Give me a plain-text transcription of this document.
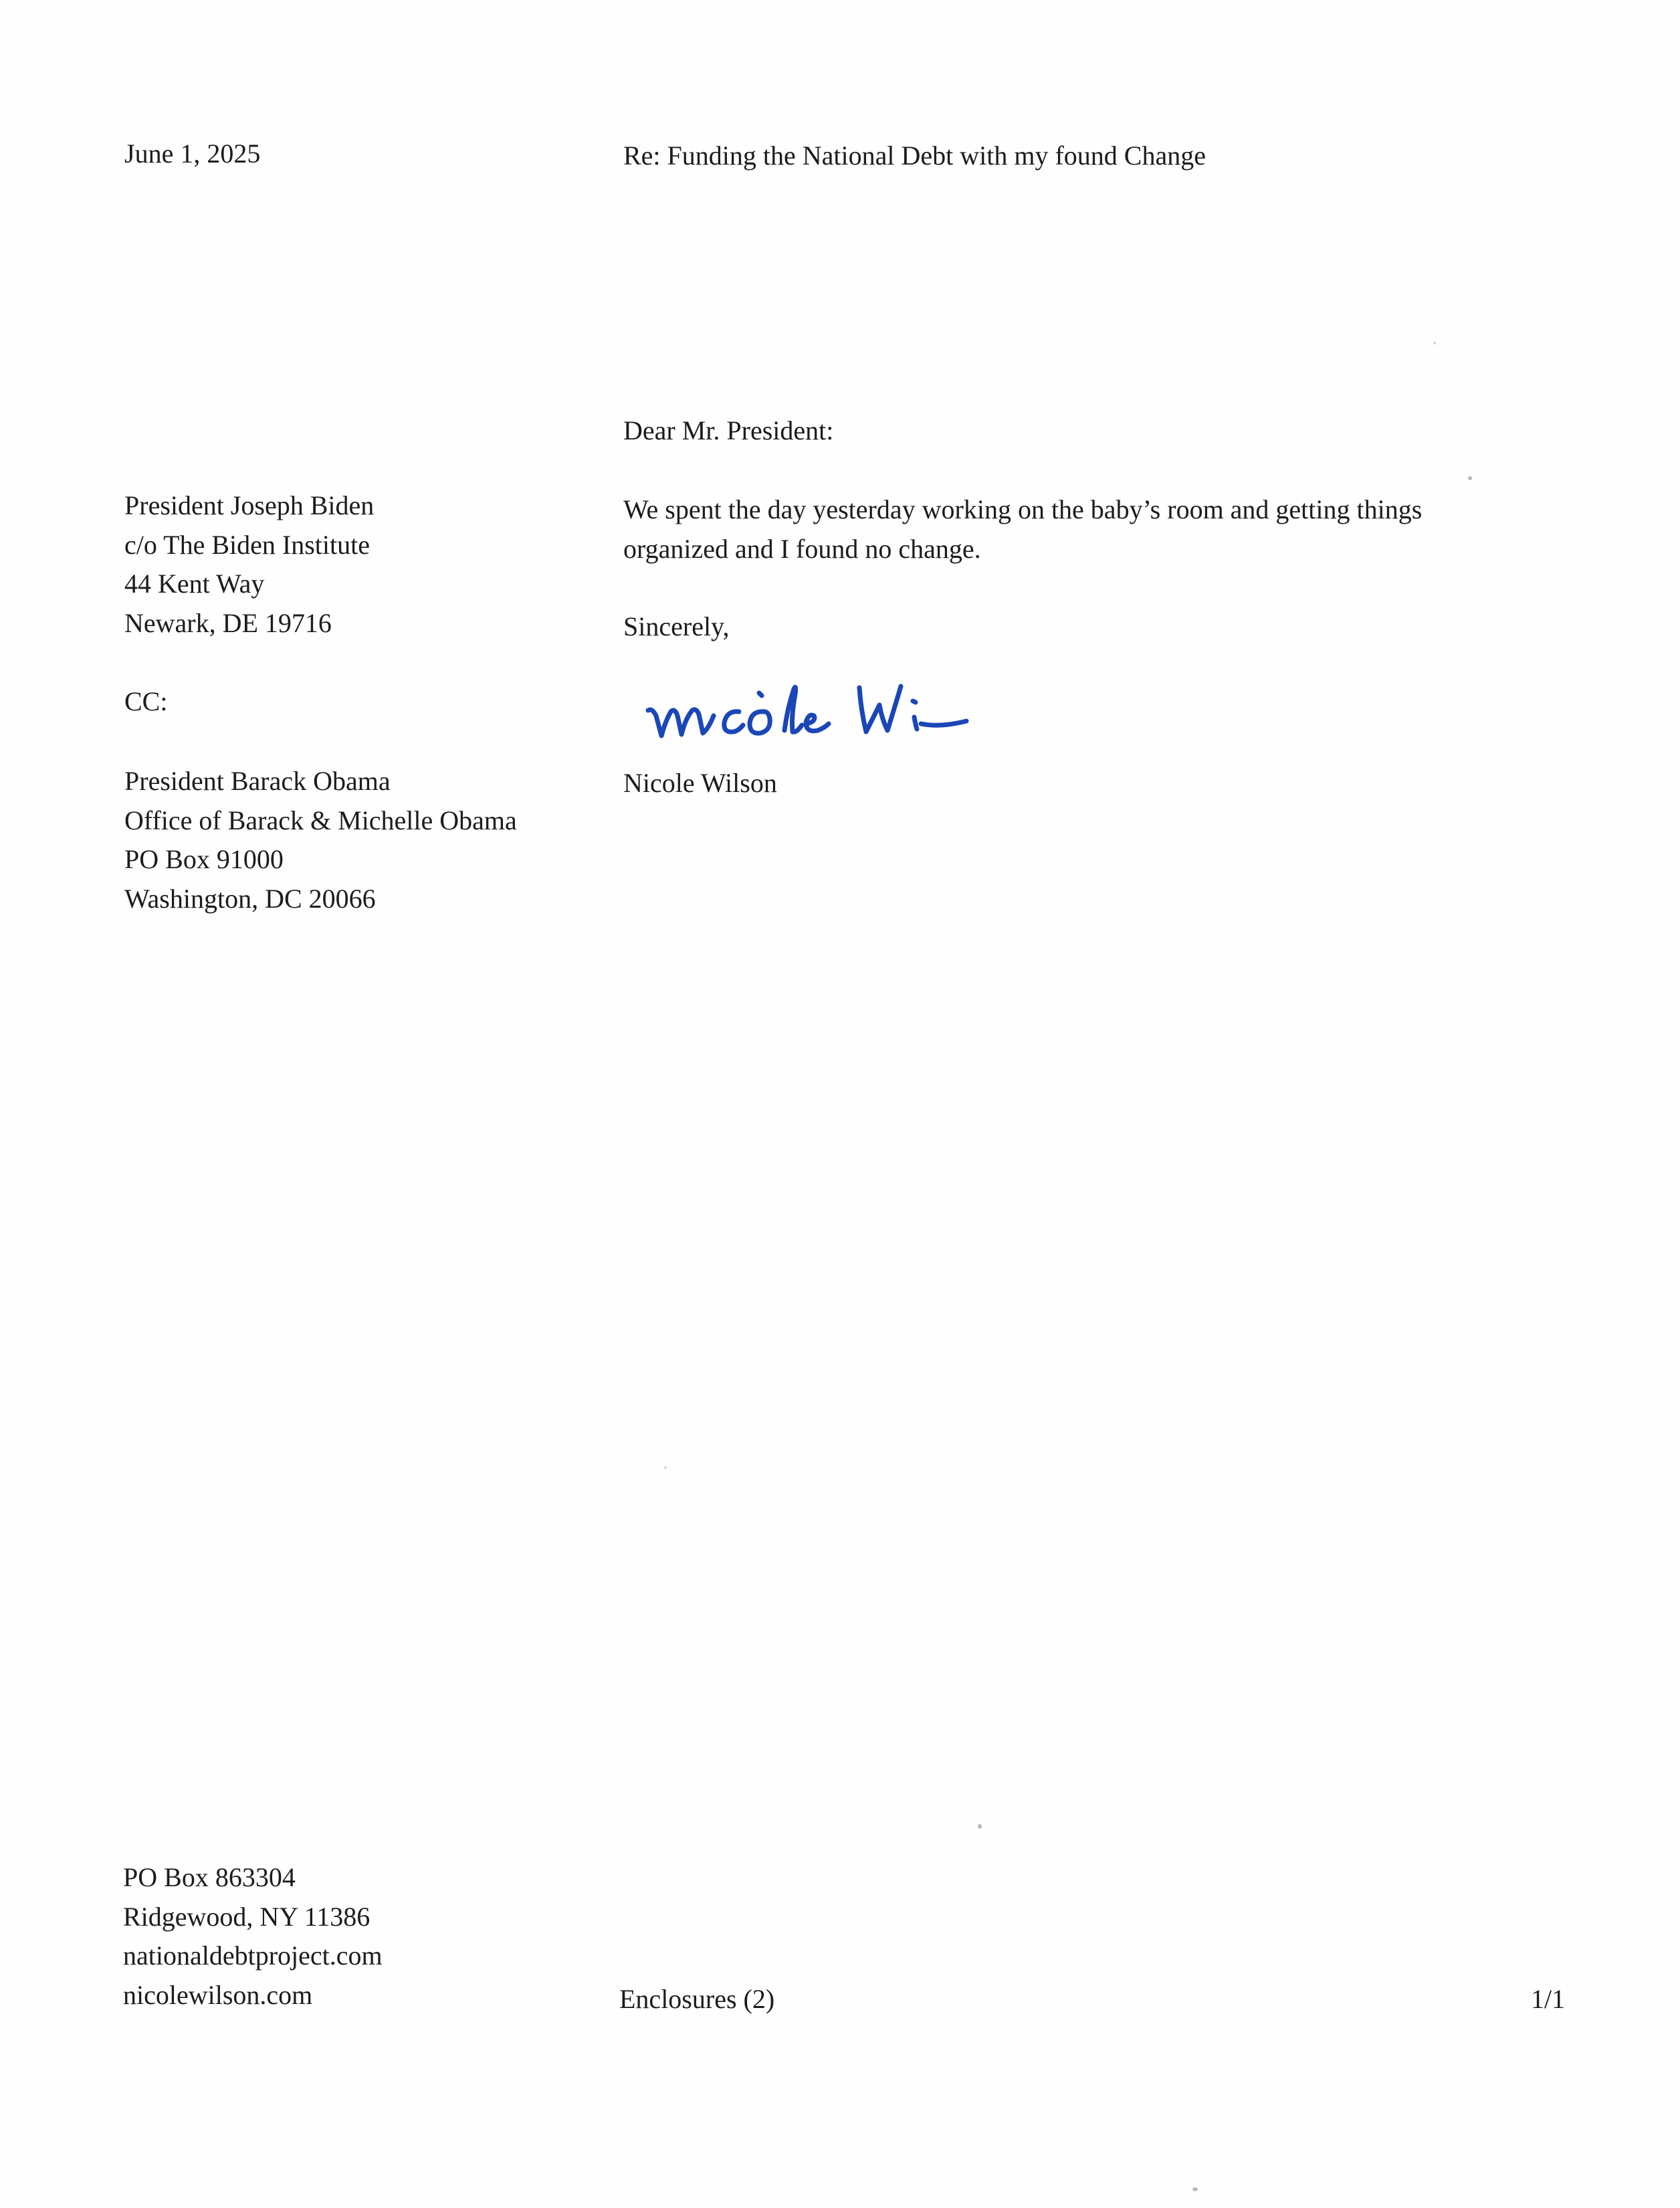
June 1, 2025	Re: Funding the National Debt with my found Change
Dear Mr. President:
President Joseph Biden
c/o The Biden Institute
44 Kent Way
Newark, DE 19716
We spent the day yesterday working on the baby’s room and getting things
organized and I found no change.
Sincerely,
CC:
Nicole Wilson
President Barack Obama
Office of Barack & Michelle Obama
PO Box 91000
Washington, DC 20066
PO Box 863304
Ridgewood, NY 11386
nationaldebtproject.com
nicolewilson.com	Enclosures (2)	1/1
